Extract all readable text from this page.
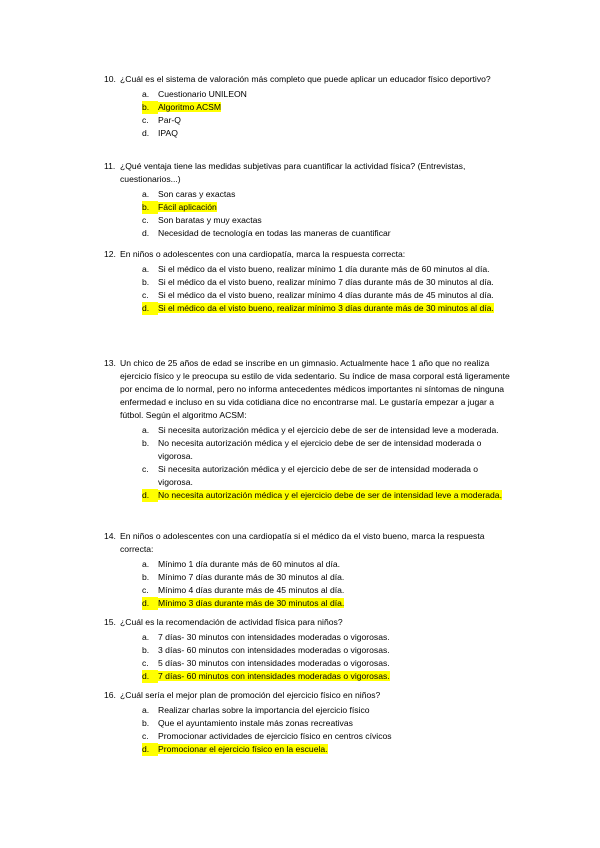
10. ¿Cuál es el sistema de valoración más completo que puede aplicar un educador físico deportivo?
a.	Cuestionario UNILEON
b.	Algoritmo ACSM
c.	Par-Q
d.	IPAQ
11. ¿Qué ventaja tiene las medidas subjetivas para cuantificar la actividad física? (Entrevistas, cuestionarios...)
a.	Son caras y exactas
b.	Fácil aplicación
c.	Son baratas y muy exactas
d.	Necesidad de tecnología en todas las maneras de cuantificar
12. En niños o adolescentes con una cardiopatía, marca la respuesta correcta:
a.	Si el médico da el visto bueno, realizar mínimo 1 día durante más de 60 minutos al día.
b.	Si el médico da el visto bueno, realizar mínimo 7 días durante más de 30 minutos al día.
c.	Si el médico da el visto bueno, realizar mínimo 4 días durante más de 45 minutos al día.
d.	Si el médico da el visto bueno, realizar mínimo 3 días durante más de 30 minutos al día.
13. Un chico de 25 años de edad se inscribe en un gimnasio. Actualmente hace 1 año que no realiza ejercicio físico y le preocupa su estilo de vida sedentario. Su índice de masa corporal está ligeramente por encima de lo normal, pero no informa antecedentes médicos importantes ni síntomas de ninguna enfermedad e incluso en su vida cotidiana dice no encontrarse mal. Le gustaría empezar a jugar a fútbol. Según el algoritmo ACSM:
a.	Si necesita autorización médica y el ejercicio debe de ser de intensidad leve a moderada.
b.	No necesita autorización médica y el ejercicio debe de ser de intensidad moderada o vigorosa.
c.	Si necesita autorización médica y el ejercicio debe de ser de intensidad moderada o vigorosa.
d.	No necesita autorización médica y el ejercicio debe de ser de intensidad leve a moderada.
14. En niños o adolescentes con una cardiopatía si el médico da el visto bueno, marca la respuesta correcta:
a.	Mínimo 1 día durante más de 60 minutos al día.
b.	Mínimo 7 días durante más de 30 minutos al día.
c.	Mínimo 4 días durante más de 45 minutos al día.
d.	Mínimo 3 días durante más de 30 minutos al día.
15. ¿Cuál es la recomendación de actividad física para niños?
a.	7 días- 30 minutos con intensidades moderadas o vigorosas.
b.	3 días- 60 minutos con intensidades moderadas o vigorosas.
c.	5 días- 30 minutos con intensidades moderadas o vigorosas.
d.	7 días- 60 minutos con intensidades moderadas o vigorosas.
16. ¿Cuál sería el mejor plan de promoción del ejercicio físico en niños?
a.	Realizar charlas sobre la importancia del ejercicio físico
b.	Que el ayuntamiento instale más zonas recreativas
c.	Promocionar actividades de ejercicio físico en centros cívicos
d.	Promocionar el ejercicio físico en la escuela.
